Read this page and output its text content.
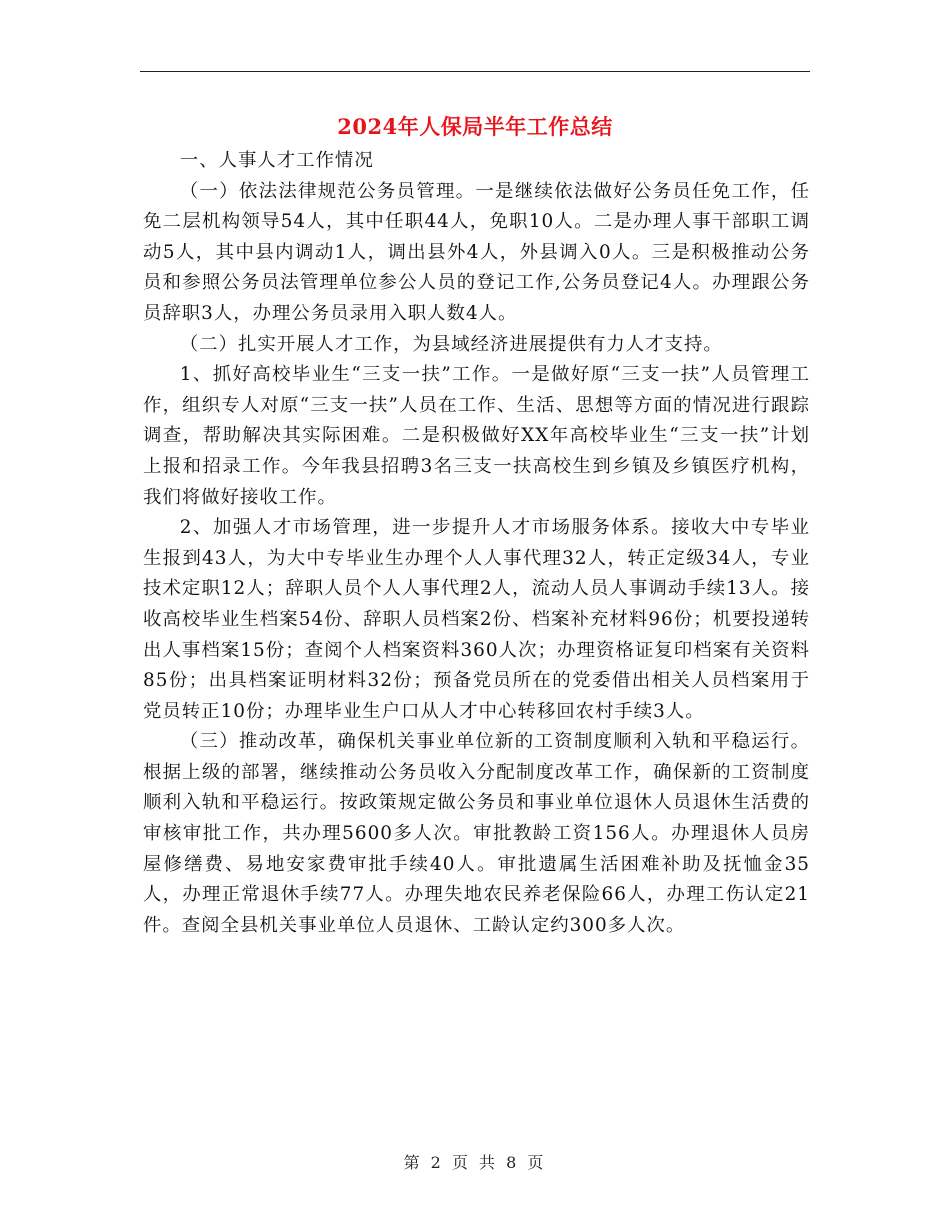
2024年人保局半年工作总结

一、人事人才工作情况

（一）依法法律规范公务员管理。一是继续依法做好公务员任免工作，任免二层机构领导54人，其中任职44人，免职10人。二是办理人事干部职工调动5人，其中县内调动1人，调出县外4人，外县调入0人。三是积极推动公务员和参照公务员法管理单位参公人员的登记工作,公务员登记4人。办理跟公务员辞职3人，办理公务员录用入职人数4人。

（二）扎实开展人才工作，为县域经济进展提供有力人才支持。

1、抓好高校毕业生“三支一扶”工作。一是做好原“三支一扶”人员管理工作，组织专人对原“三支一扶”人员在工作、生活、思想等方面的情况进行跟踪调查，帮助解决其实际困难。二是积极做好XX年高校毕业生“三支一扶”计划上报和招录工作。今年我县招聘3名三支一扶高校生到乡镇及乡镇医疗机构，我们将做好接收工作。

2、加强人才市场管理，进一步提升人才市场服务体系。接收大中专毕业生报到43人，为大中专毕业生办理个人人事代理32人，转正定级34人，专业技术定职12人；辞职人员个人人事代理2人，流动人员人事调动手续13人。接收高校毕业生档案54份、辞职人员档案2份、档案补充材料96份；机要投递转出人事档案15份；查阅个人档案资料360人次；办理资格证复印档案有关资料85份；出具档案证明材料32份；预备党员所在的党委借出相关人员档案用于党员转正10份；办理毕业生户口从人才中心转移回农村手续3人。

（三）推动改革，确保机关事业单位新的工资制度顺利入轨和平稳运行。根据上级的部署，继续推动公务员收入分配制度改革工作，确保新的工资制度顺利入轨和平稳运行。按政策规定做公务员和事业单位退休人员退休生活费的审核审批工作，共办理5600多人次。审批教龄工资156人。办理退休人员房屋修缮费、易地安家费审批手续40人。审批遗属生活困难补助及抚恤金35人，办理正常退休手续77人。办理失地农民养老保险66人，办理工伤认定21件。查阅全县机关事业单位人员退休、工龄认定约300多人次。

第 2 页 共 8 页
